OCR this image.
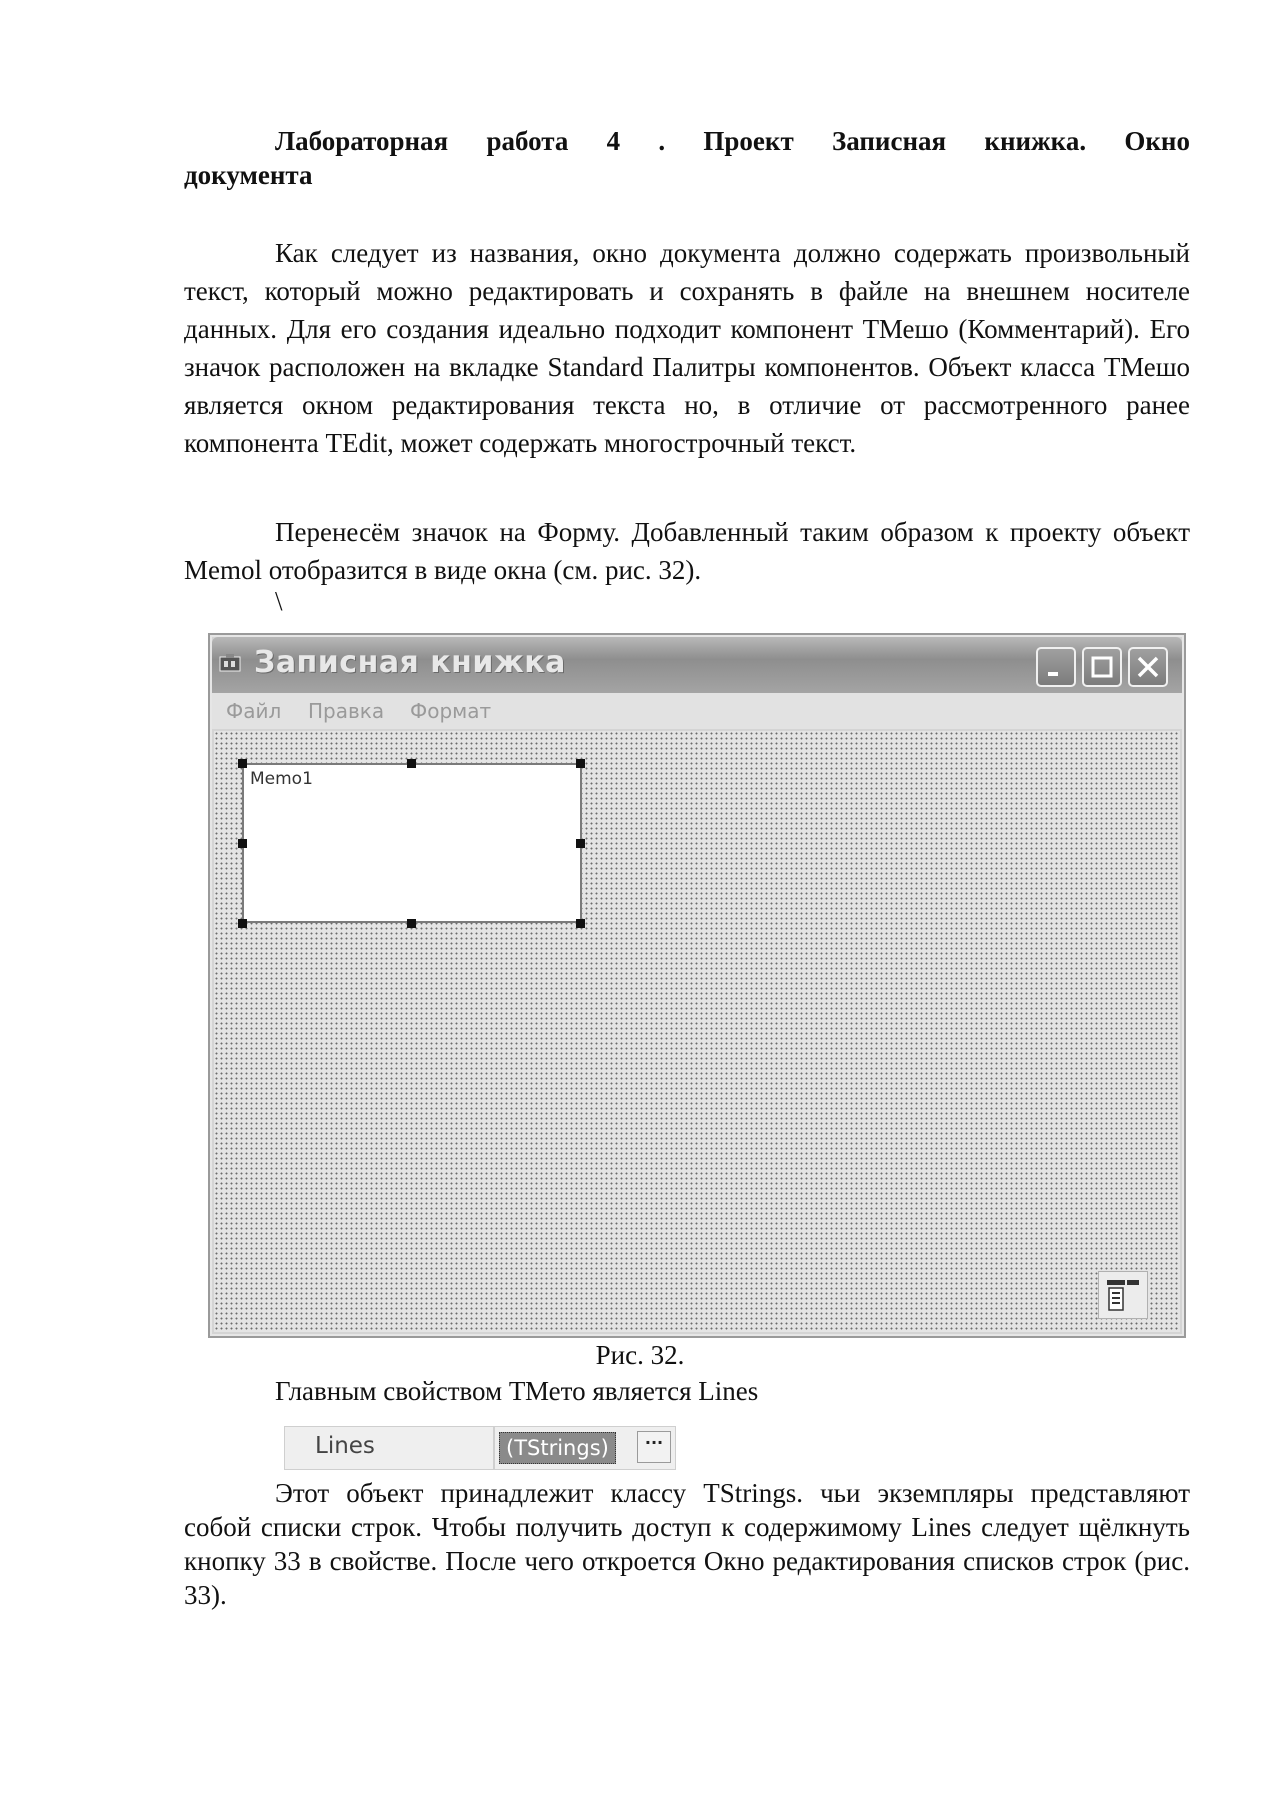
Лабораторная работа 4 . Проект Записная книжка. Окно
документа

Как следует из названия, окно документа должно содержать произвольный текст, который можно редактировать и сохранять в файле на внешнем носителе данных. Для его создания идеально подходит компонент ТМешо (Комментарий). Его значок расположен на вкладке Standard Палитры компонентов. Объект класса ТМешо является окном редактирования текста но, в отличие от рассмотренного ранее компонента TEdit, может содержать многострочный текст.

Перенесём значок на Форму. Добавленный таким образом к проекту объект Memol отобразится в виде окна (см. рис. 32).

\
Записная книжка
Файл Правка Формат
Memo1
Рис. 32.
Главным свойством ТМето является Lines
Lines	(TStrings)	···

Этот объект принадлежит классу TStrings. чьи экземпляры представляют собой списки строк. Чтобы получить доступ к содержимому Lines следует щёлкнуть кнопку 33 в свойстве. После чего откроется Окно редактирования списков строк (рис. 33).
